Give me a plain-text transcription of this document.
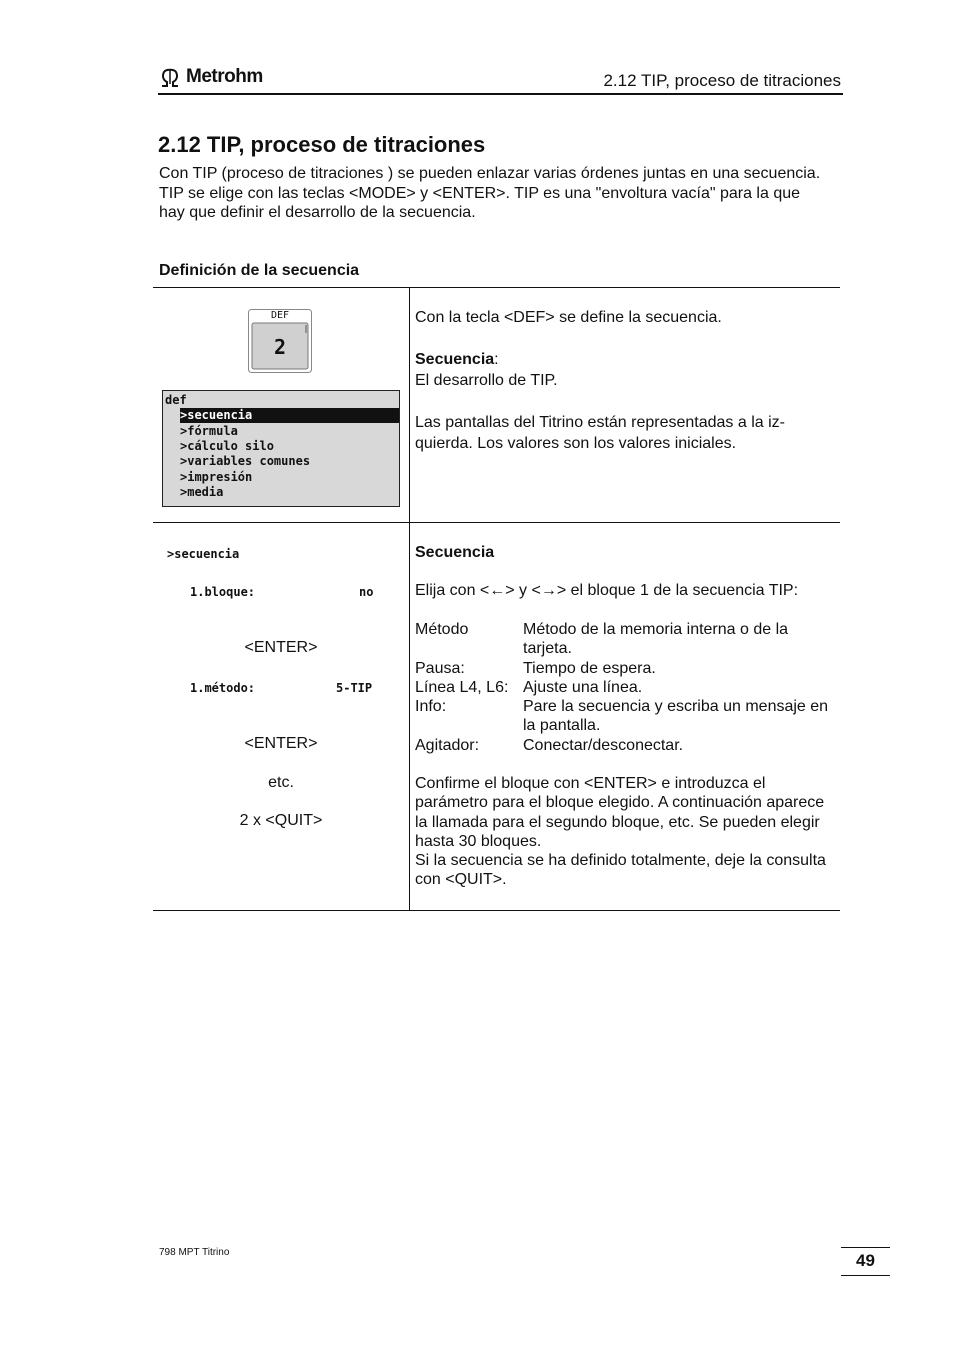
Metrohm	2.12 TIP, proceso de titraciones
2.12 TIP, proceso de titraciones

Con TIP (proceso de titraciones ) se pueden enlazar varias órdenes juntas en una secuencia.

TIP se elige con las teclas <MODE> y <ENTER>. TIP es una "envoltura vacía" para la que hay que definir el desarrollo de la secuencia.

Definición de la secuencia
DEF
2
def
>secuencia
>fórmula
>cálculo silo
>variables comunes
>impresión
>media
Con la tecla <DEF> se define la secuencia.
Secuencia:
El desarrollo de TIP.
Las pantallas del Titrino están representadas a la iz-
quierda. Los valores son los valores iniciales.
>secuencia
1.bloque:	no
<ENTER>
1.método:	5-TIP
<ENTER>
etc.
2 x <QUIT>
Secuencia
Elija con <←> y <→> el bloque 1 de la secuencia TIP:
Método	Método de la memoria interna o de la tarjeta.
Pausa:	Tiempo de espera.
Línea L4, L6: Ajuste una línea.
Info:	Pare la secuencia y escriba un mensaje en la pantalla.
Agitador:	Conectar/desconectar.
Confirme el bloque con <ENTER> e introduzca el parámetro para el bloque elegido. A continuación aparece la llamada para el segundo bloque, etc. Se pueden elegir hasta 30 bloques.
Si la secuencia se ha definido totalmente, deje la consulta con <QUIT>.
798 MPT Titrino	49
